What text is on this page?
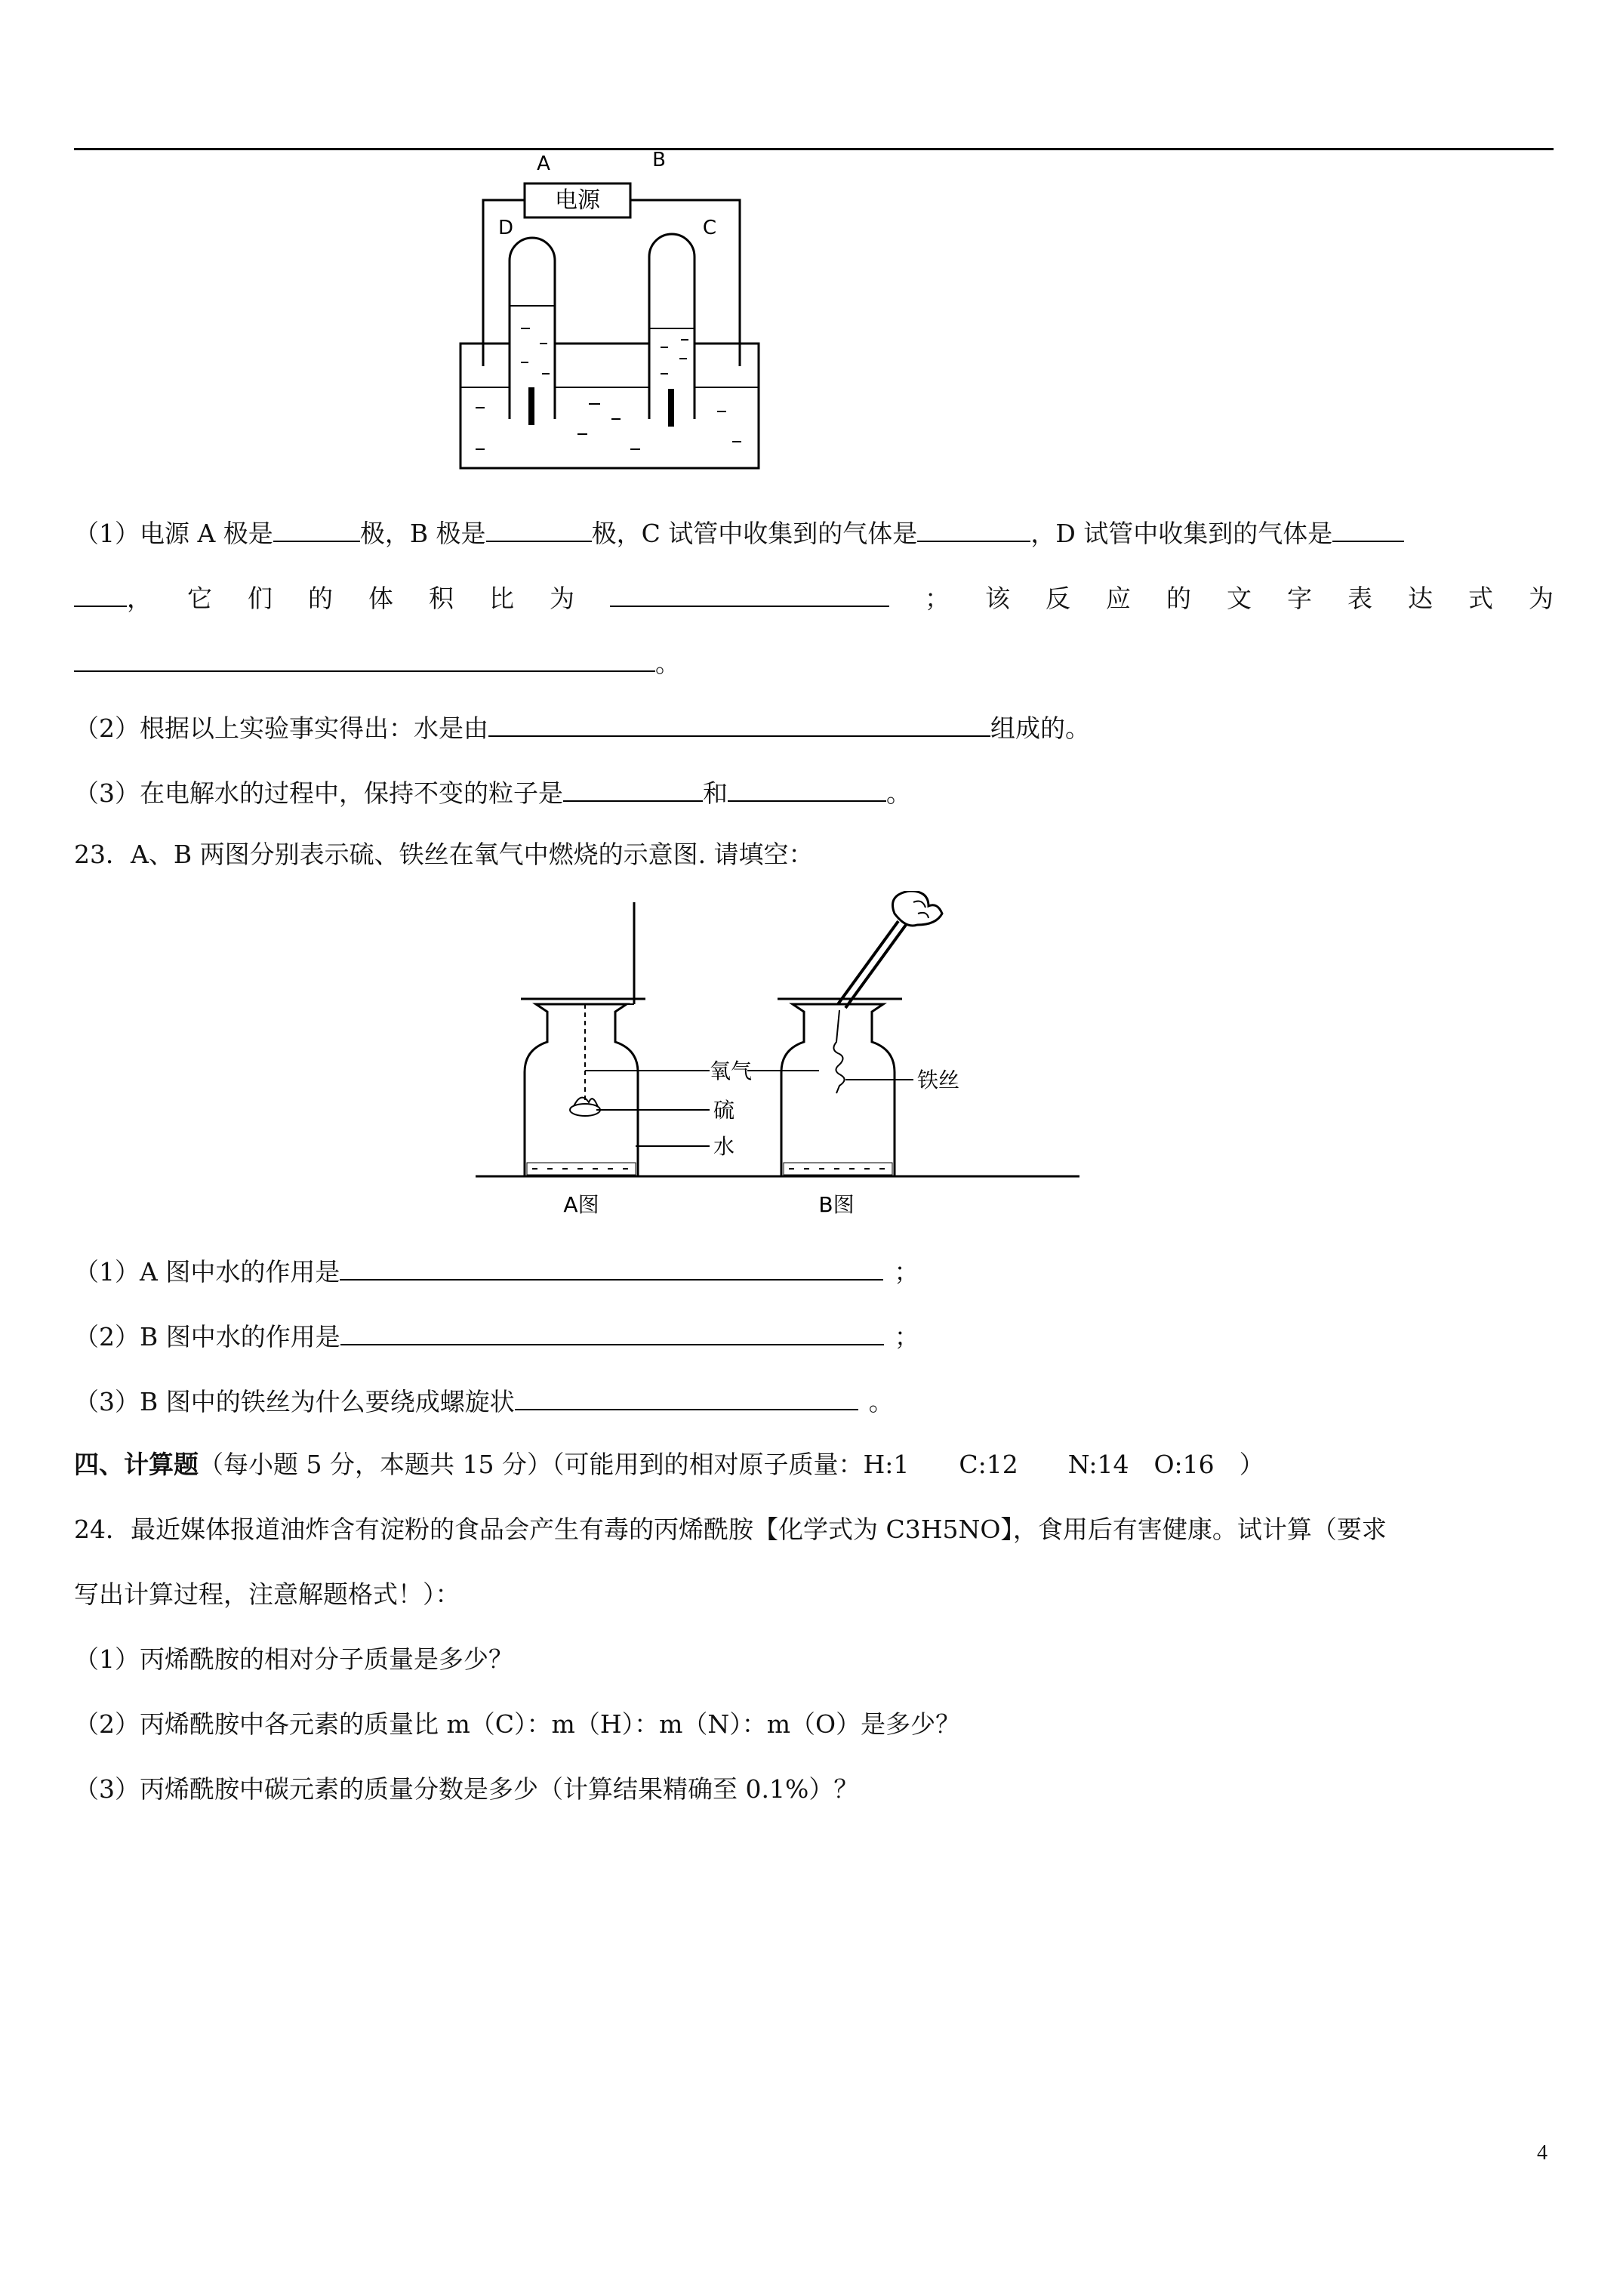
电源
A	B
D	C
（1）电源 A 极是	极，B 极是	极，C 试管中收集到的气体是	，D 试管中收集到的气体是
， 它 们 的 体 积 比 为	； 该 反 应 的 文 字 表 达 式 为
。
（2）根据以上实验事实得出：水是由	组成的。
（3）在电解水的过程中，保持不变的粒子是	和	。
23．A、B 两图分别表示硫、铁丝在氧气中燃烧的示意图. 请填空：
氧气
硫
水
铁丝
A图	B图
（1）A 图中水的作用是	；
（2）B 图中水的作用是	；
（3）B 图中的铁丝为什么要绕成螺旋状	。
四、计算题（每小题 5 分，本题共 15 分）（可能用到的相对原子质量：H:1　　C:12　　N:14　O:16　）
24．最近媒体报道油炸含有淀粉的食品会产生有毒的丙烯酰胺【化学式为 C3H5NO】，食用后有害健康。试计算（要求
写出计算过程，注意解题格式！）：
（1）丙烯酰胺的相对分子质量是多少？
（2）丙烯酰胺中各元素的质量比 m（C）：m（H）：m（N）：m（O）是多少？
（3）丙烯酰胺中碳元素的质量分数是多少（计算结果精确至 0.1%）？
4
